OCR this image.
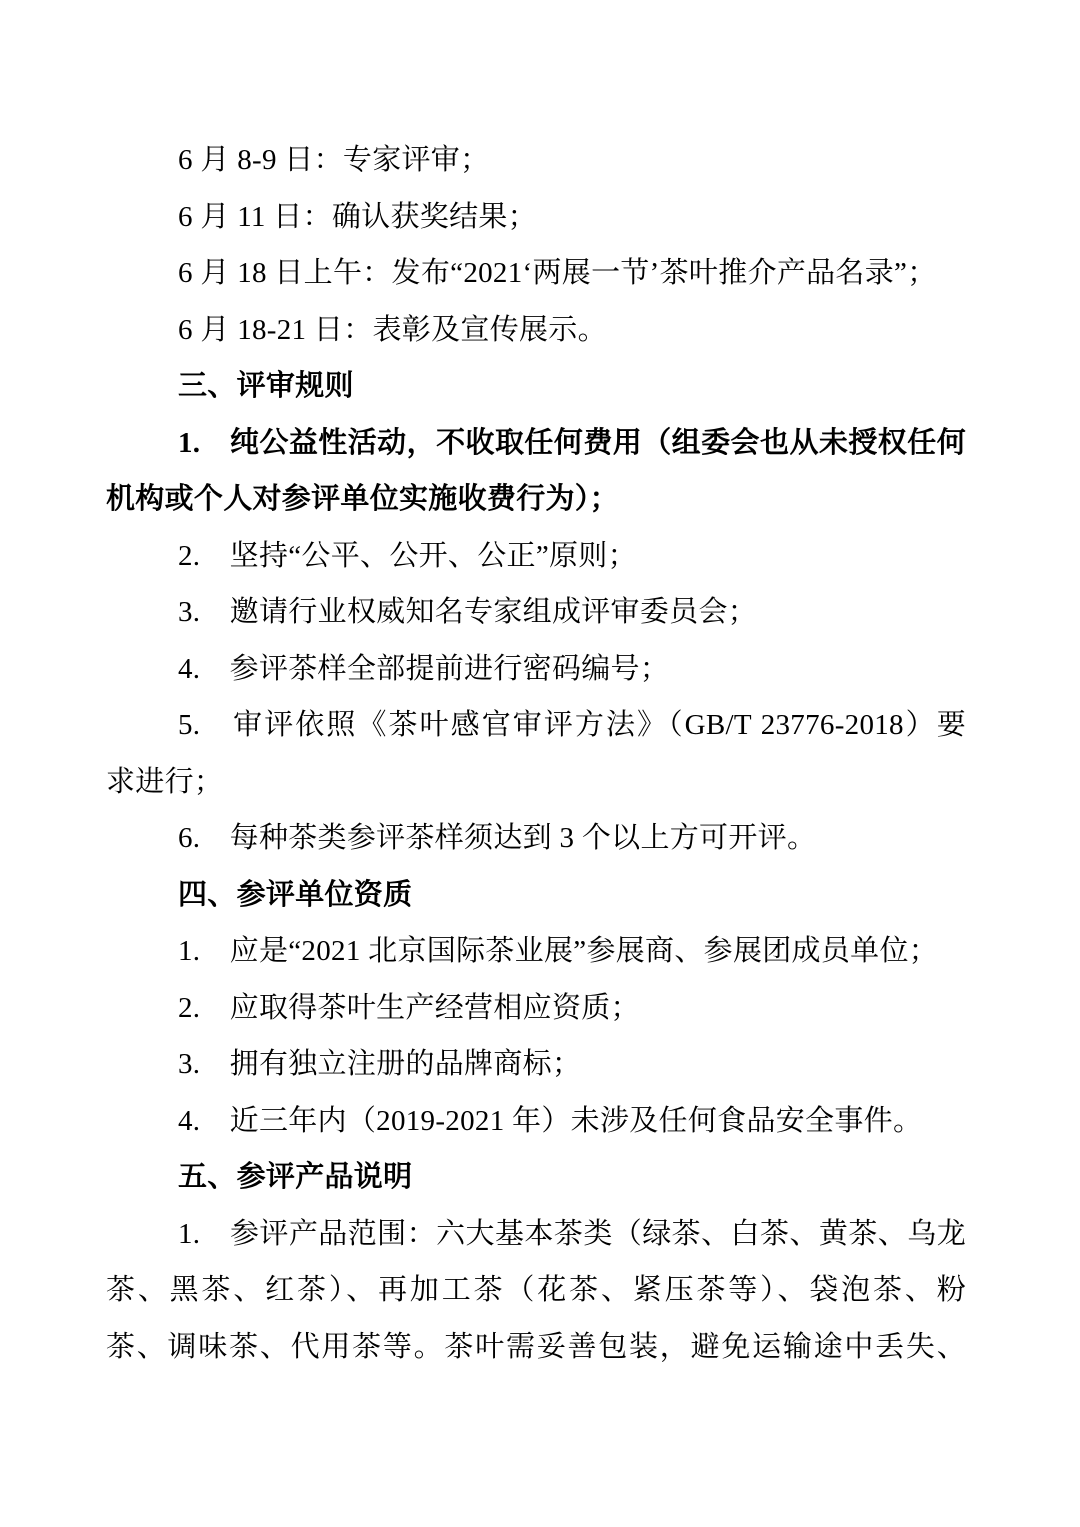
6 月 8-9 日：专家评审；
6 月 11 日：确认获奖结果；
6 月 18 日上午：发布“2021‘两展一节’茶叶推介产品名录”；
6 月 18-21 日：表彰及宣传展示。
三、评审规则
1.　纯公益性活动，不收取任何费用（组委会也从未授权任何
机构或个人对参评单位实施收费行为）；
2.　坚持“公平、公开、公正”原则；
3.　邀请行业权威知名专家组成评审委员会；
4.　参评茶样全部提前进行密码编号；
5.　审评依照《茶叶感官审评方法》（GB/T 23776-2018）要
求进行；
6.　每种茶类参评茶样须达到 3 个以上方可开评。
四、参评单位资质
1.　应是“2021 北京国际茶业展”参展商、参展团成员单位；
2.　应取得茶叶生产经营相应资质；
3.　拥有独立注册的品牌商标；
4.　近三年内（2019-2021 年）未涉及任何食品安全事件。
五、参评产品说明
1.　参评产品范围：六大基本茶类（绿茶、白茶、黄茶、乌龙
茶、黑茶、红茶）、再加工茶（花茶、紧压茶等）、袋泡茶、粉
茶、调味茶、代用茶等。茶叶需妥善包装，避免运输途中丢失、
